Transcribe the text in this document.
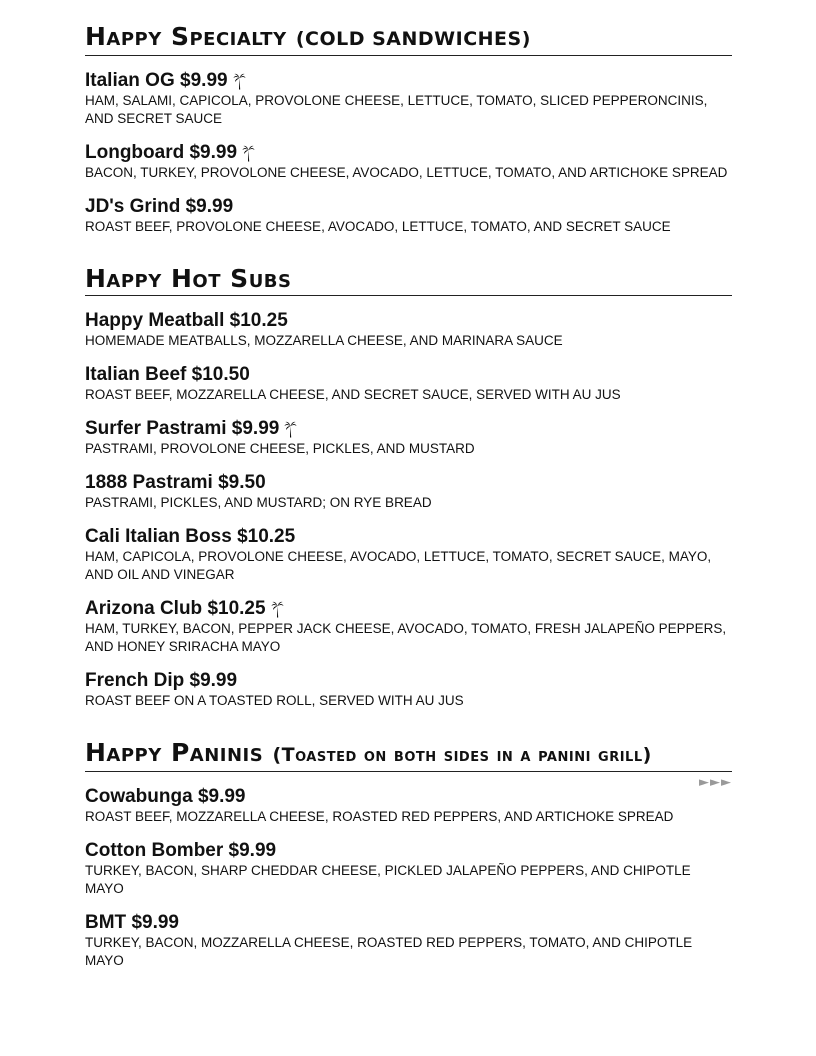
Happy Specialty (COLD SANDWICHES)

Italian OG
$9.99

HAM, SALAMI, CAPICOLA, PROVOLONE CHEESE, LETTUCE, TOMATO, SLICED PEPPERONCINIS, AND SECRET SAUCE

Longboard
$9.99

BACON, TURKEY, PROVOLONE CHEESE, AVOCADO, LETTUCE, TOMATO, AND ARTICHOKE SPREAD

JD's Grind
$9.99

ROAST BEEF, PROVOLONE CHEESE, AVOCADO, LETTUCE, TOMATO, AND SECRET SAUCE

Happy Hot Subs

Happy Meatball
$10.25

HOMEMADE MEATBALLS, MOZZARELLA CHEESE, AND MARINARA SAUCE

Italian Beef
$10.50

ROAST BEEF, MOZZARELLA CHEESE, AND SECRET SAUCE, SERVED WITH AU JUS

Surfer Pastrami
$9.99

PASTRAMI, PROVOLONE CHEESE, PICKLES, AND MUSTARD

1888 Pastrami
$9.50

PASTRAMI, PICKLES, AND MUSTARD; ON RYE BREAD

Cali Italian Boss
$10.25

HAM, CAPICOLA, PROVOLONE CHEESE, AVOCADO, LETTUCE, TOMATO, SECRET SAUCE, MAYO, AND OIL AND VINEGAR

Arizona Club
$10.25

HAM, TURKEY, BACON, PEPPER JACK CHEESE, AVOCADO, TOMATO, FRESH JALAPEÑO PEPPERS, AND HONEY SRIRACHA MAYO

French Dip
$9.99

ROAST BEEF ON A TOASTED ROLL, SERVED WITH AU JUS

Happy Paninis (Toasted on both sides in a panini grill)
►►►

Cowabunga
$9.99

ROAST BEEF, MOZZARELLA CHEESE, ROASTED RED PEPPERS, AND ARTICHOKE SPREAD

Cotton Bomber
$9.99

TURKEY, BACON, SHARP CHEDDAR CHEESE, PICKLED JALAPEÑO PEPPERS, AND CHIPOTLE MAYO

BMT
$9.99

TURKEY, BACON, MOZZARELLA CHEESE, ROASTED RED PEPPERS, TOMATO, AND CHIPOTLE MAYO
